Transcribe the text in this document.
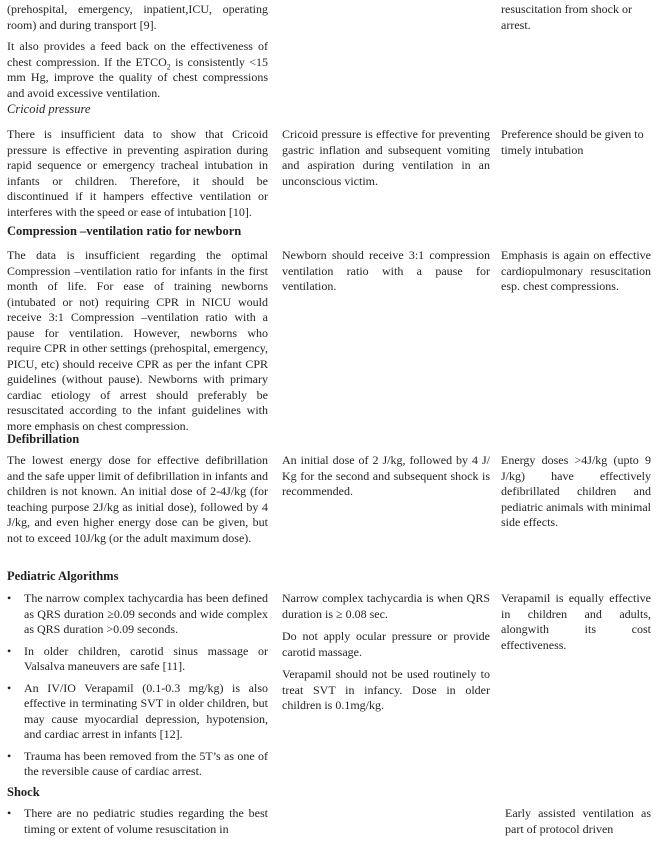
(prehospital, emergency, inpatient,ICU, operating room) and during transport [9].

It also provides a feed back on the effectiveness of chest compression. If the $ETCO_2$ is consistently <15 mm Hg, improve the quality of chest compressions and avoid excessive ventilation.

resuscitation from shock or arrest.

Cricoid pressure

There is insufficient data to show that Cricoid pressure is effective in preventing aspiration during rapid sequence or emergency tracheal intubation in infants or children. Therefore, it should be discontinued if it hampers effective ventilation or interferes with the speed or ease of intubation [10].

Cricoid pressure is effective for preventing gastric inflation and subsequent vomiting and aspiration during ventilation in an unconscious victim.

Preference should be given to timely intubation

Compression –ventilation ratio for newborn

The data is insufficient regarding the optimal Compression –ventilation ratio for infants in the first month of life. For ease of training newborns (intubated or not) requiring CPR in NICU would receive 3:1 Compression –ventilation ratio with a pause for ventilation. However, newborns who require CPR in other settings (prehospital, emergency, PICU, etc) should receive CPR as per the infant CPR guidelines (without pause). Newborns with primary cardiac etiology of arrest should preferably be resuscitated according to the infant guidelines with more emphasis on chest compression.

Newborn should receive 3:1 compression ventilation ratio with a pause for ventilation.

Emphasis is again on effective cardiopulmonary resuscitation esp. chest compressions.

Defibrillation

The lowest energy dose for effective defibrillation and the safe upper limit of defibrillation in infants and children is not known. An initial dose of 2-4J/kg (for teaching purpose 2J/kg as initial dose), followed by 4 J/kg, and even higher energy dose can be given, but not to exceed 10J/kg (or the adult maximum dose).

An initial dose of 2 J/kg, followed by 4 J/ Kg for the second and subsequent shock is recommended.

Energy doses >4J/kg (upto 9 J/kg) have effectively defibrillated children and pediatric animals with minimal side effects.

Pediatric Algorithms

• The narrow complex tachycardia has been defined as QRS duration ≥0.09 seconds and wide complex as QRS duration >0.09 seconds.

• In older children, carotid sinus massage or Valsalva maneuvers are safe [11].

• An IV/IO Verapamil (0.1-0.3 mg/kg) is also effective in terminating SVT in older children, but may cause myocardial depression, hypotension, and cardiac arrest in infants [12].

• Trauma has been removed from the 5T’s as one of the reversible cause of cardiac arrest.

Narrow complex tachycardia is when QRS duration is ≥ 0.08 sec.

Do not apply ocular pressure or provide carotid massage.

Verapamil should not be used routinely to treat SVT in infancy. Dose in older children is 0.1mg/kg.

Verapamil is equally effective in children and adults, alongwith its cost effectiveness.

Shock

• There are no pediatric studies regarding the best timing or extent of volume resuscitation in

Early assisted ventilation as part of protocol driven
